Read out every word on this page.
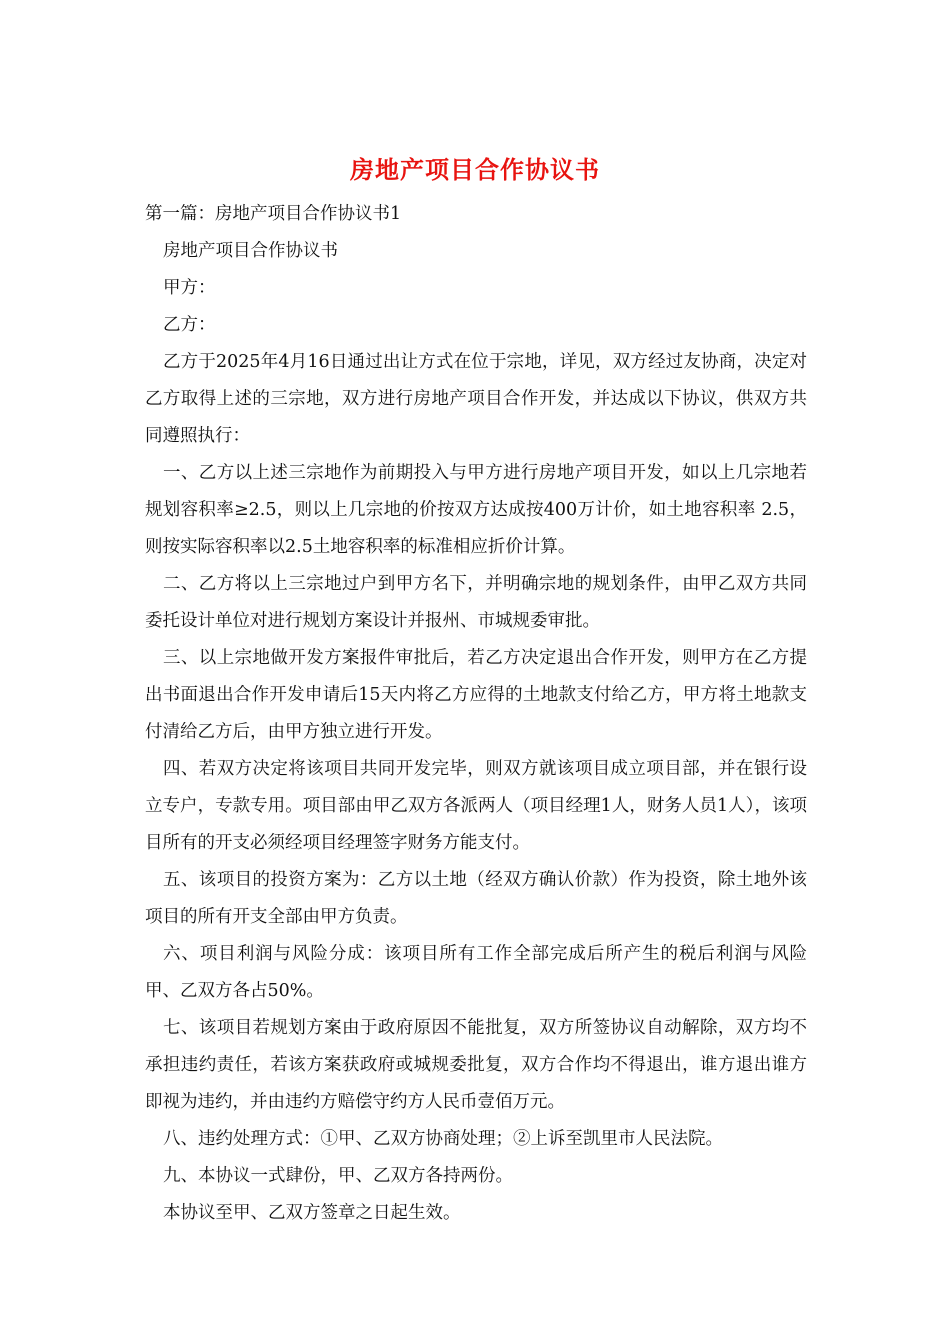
房地产项目合作协议书

第一篇：房地产项目合作协议书1

房地产项目合作协议书

甲方：

乙方：

乙方于2025年4月16日通过出让方式在位于宗地，详见，双方经过友协商，决定对乙方取得上述的三宗地，双方进行房地产项目合作开发，并达成以下协议，供双方共同遵照执行：

一、乙方以上述三宗地作为前期投入与甲方进行房地产项目开发，如以上几宗地若规划容积率≥2.5，则以上几宗地的价按双方达成按400万计价，如土地容积率 2.5，则按实际容积率以2.5土地容积率的标准相应折价计算。

二、乙方将以上三宗地过户到甲方名下，并明确宗地的规划条件，由甲乙双方共同委托设计单位对进行规划方案设计并报州、市城规委审批。

三、以上宗地做开发方案报件审批后，若乙方决定退出合作开发，则甲方在乙方提出书面退出合作开发申请后15天内将乙方应得的土地款支付给乙方，甲方将土地款支付清给乙方后，由甲方独立进行开发。

四、若双方决定将该项目共同开发完毕，则双方就该项目成立项目部，并在银行设立专户，专款专用。项目部由甲乙双方各派两人（项目经理1人，财务人员1人），该项目所有的开支必须经项目经理签字财务方能支付。

五、该项目的投资方案为：乙方以土地（经双方确认价款）作为投资，除土地外该项目的所有开支全部由甲方负责。

六、项目利润与风险分成：该项目所有工作全部完成后所产生的税后利润与风险甲、乙双方各占50%。

七、该项目若规划方案由于政府原因不能批复，双方所签协议自动解除，双方均不承担违约责任，若该方案获政府或城规委批复，双方合作均不得退出，谁方退出谁方即视为违约，并由违约方赔偿守约方人民币壹佰万元。

八、违约处理方式：①甲、乙双方协商处理；②上诉至凯里市人民法院。

九、本协议一式肆份，甲、乙双方各持两份。

本协议至甲、乙双方签章之日起生效。
